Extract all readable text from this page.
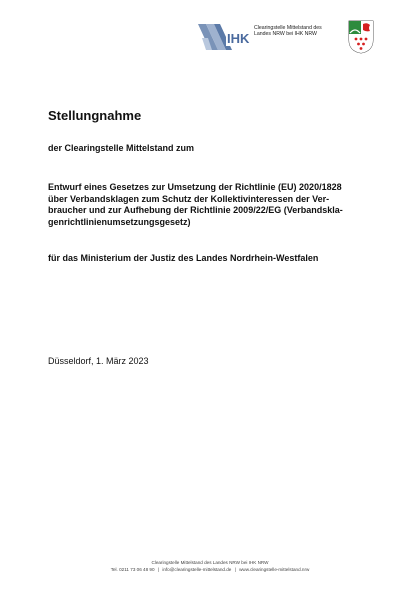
IHK
Clearingstelle Mittelstand des
Landes NRW bei IHK NRW
Stellungnahme

der Clearingstelle Mittelstand zum

Entwurf eines Gesetzes zur Umsetzung der Richtlinie (EU) 2020/1828
über Verbandsklagen zum Schutz der Kollektivinteressen der Ver-
braucher und zur Aufhebung der Richtlinie 2009/22/EG (Verbandskla-
genrichtlinienumsetzungsgesetz)

für das Ministerium der Justiz des Landes Nordrhein-Westfalen

Düsseldorf, 1. März 2023

Clearingstelle Mittelstand des Landes NRW bei IHK NRW
Tel. 0211 73 06 48 90 | info@clearingstelle-mittelstand.de | www.clearingstelle-mittelstand.nrw
